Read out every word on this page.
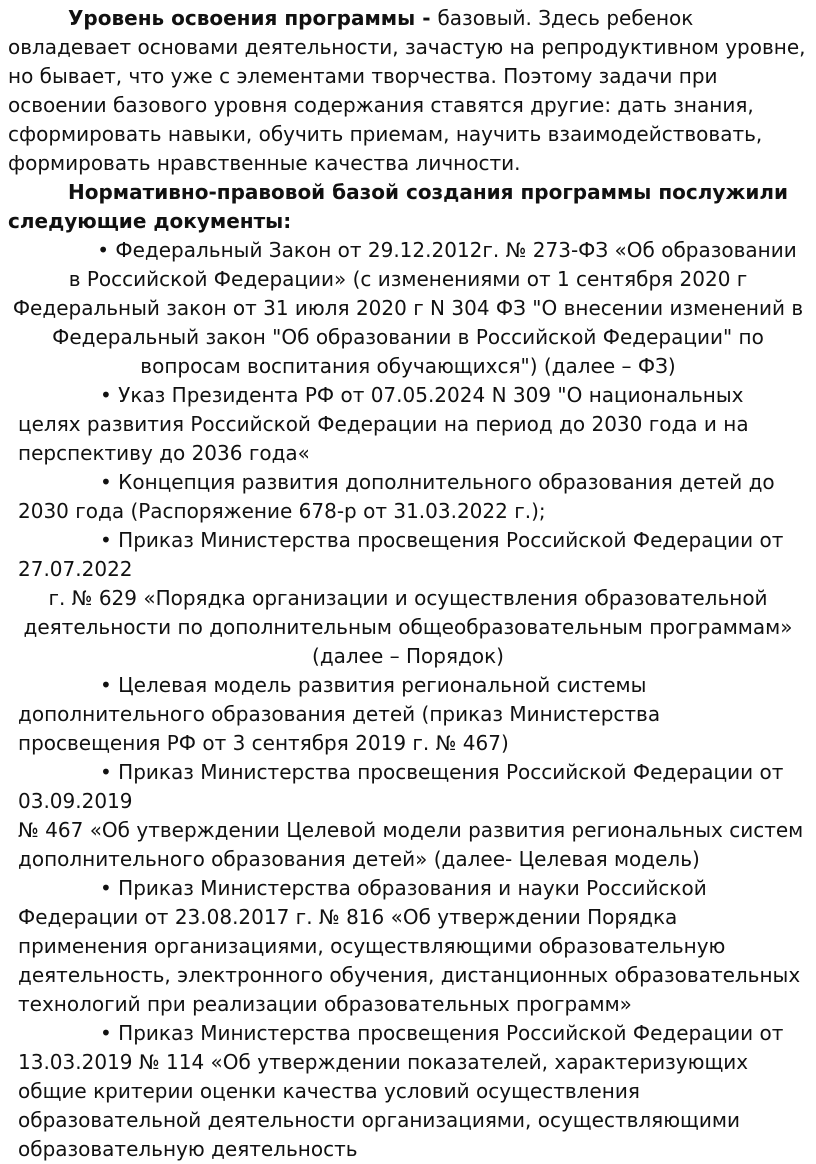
Уровень освоения программы - базовый. Здесь ребенок овладевает основами деятельности, зачастую на репродуктивном уровне, но бывает, что уже с элементами творчества. Поэтому задачи при освоении базового уровня содержания ставятся другие: дать знания, сформировать навыки, обучить приемам, научить взаимодействовать, формировать нравственные качества личности.

Нормативно-правовой базой создания программы послужили следующие документы:

• Федеральный Закон от 29.12.2012г. № 273-ФЗ «Об образовании в Российской Федерации» (с изменениями от 1 сентября 2020 г Федеральный закон от 31 июля 2020 г N 304 ФЗ "О внесении изменений в Федеральный закон "Об образовании в Российской Федерации" по вопросам воспитания обучающихся") (далее – ФЗ)

• Указ Президента РФ от 07.05.2024 N 309 "О национальных целях развития Российской Федерации на период до 2030 года и на перспективу до 2036 года«

• Концепция развития дополнительного образования детей до 2030 года (Распоряжение 678-р от 31.03.2022 г.);

• Приказ Министерства просвещения Российской Федерации от 27.07.2022

г. № 629 «Порядка организации и осуществления образовательной деятельности по дополнительным общеобразовательным программам» (далее – Порядок)

• Целевая модель развития региональной системы дополнительного образования детей (приказ Министерства просвещения РФ от 3 сентября 2019 г. № 467)

• Приказ Министерства просвещения Российской Федерации от 03.09.2019

№ 467 «Об утверждении Целевой модели развития региональных систем дополнительного образования детей» (далее- Целевая модель)

• Приказ Министерства образования и науки Российской Федерации от 23.08.2017 г. № 816 «Об утверждении Порядка применения организациями, осуществляющими образовательную деятельность, электронного обучения, дистанционных образовательных технологий при реализации образовательных программ»

• Приказ Министерства просвещения Российской Федерации от 13.03.2019 № 114 «Об утверждении показателей, характеризующих общие критерии оценки качества условий осуществления образовательной деятельности организациями, осуществляющими образовательную деятельность
